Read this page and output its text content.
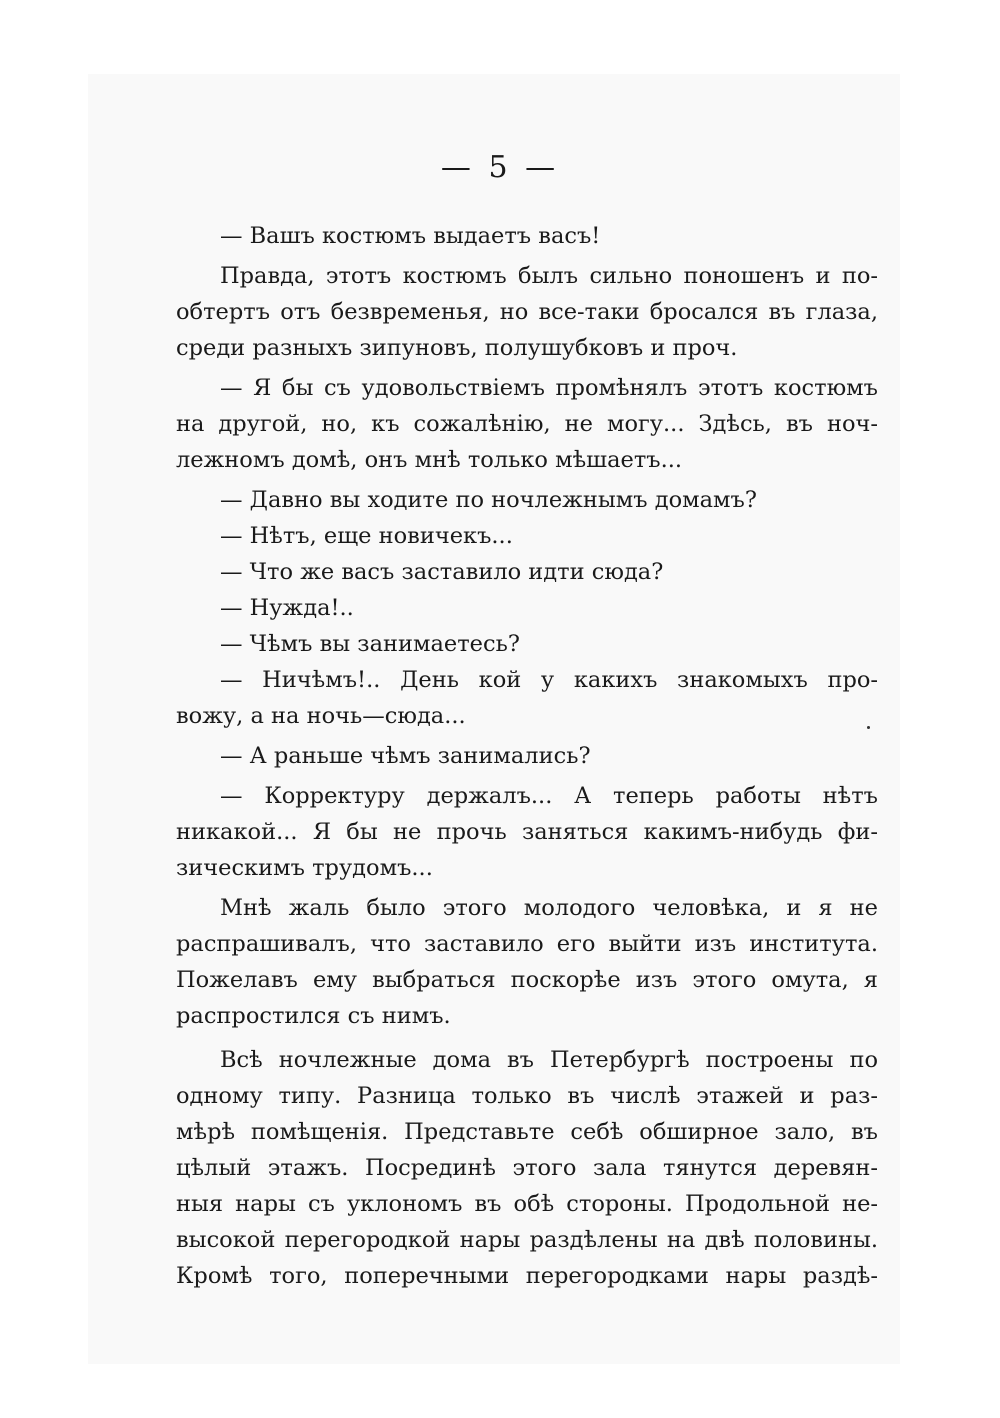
— 5 —
— Вашъ костюмъ выдаетъ васъ!
Правда, этотъ костюмъ былъ сильно поношенъ и по-
обтертъ отъ безвременья, но все-таки бросался въ глаза,
среди разныхъ зипуновъ, полушубковъ и проч.
— Я бы съ удовольствіемъ промѣнялъ этотъ костюмъ
на другой, но, къ сожалѣнію, не могу... Здѣсь, въ ноч-
лежномъ домѣ, онъ мнѣ только мѣшаетъ...
— Давно вы ходите по ночлежнымъ домамъ?
— Нѣтъ, еще новичекъ...
— Что же васъ заставило идти сюда?
— Нужда!..
— Чѣмъ вы занимаетесь?
— Ничѣмъ!.. День кой у какихъ знакомыхъ про-
вожу, а на ночь—сюда...
— А раньше чѣмъ занимались?
— Корректуру держалъ... А теперь работы нѣтъ
никакой... Я бы не прочь заняться какимъ-нибудь фи-
зическимъ трудомъ...
Мнѣ жаль было этого молодого человѣка, и я не
распрашивалъ, что заставило его выйти изъ института.
Пожелавъ ему выбраться поскорѣе изъ этого омута, я
распростился съ нимъ.
Всѣ ночлежные дома въ Петербургѣ построены по
одному типу. Разница только въ числѣ этажей и раз-
мѣрѣ помѣщенія. Представьте себѣ обширное зало, въ
цѣлый этажъ. Посрединѣ этого зала тянутся деревян-
ныя нары съ уклономъ въ обѣ стороны. Продольной не-
высокой перегородкой нары раздѣлены на двѣ половины.
Кромѣ того, поперечными перегородками нары раздѣ-
